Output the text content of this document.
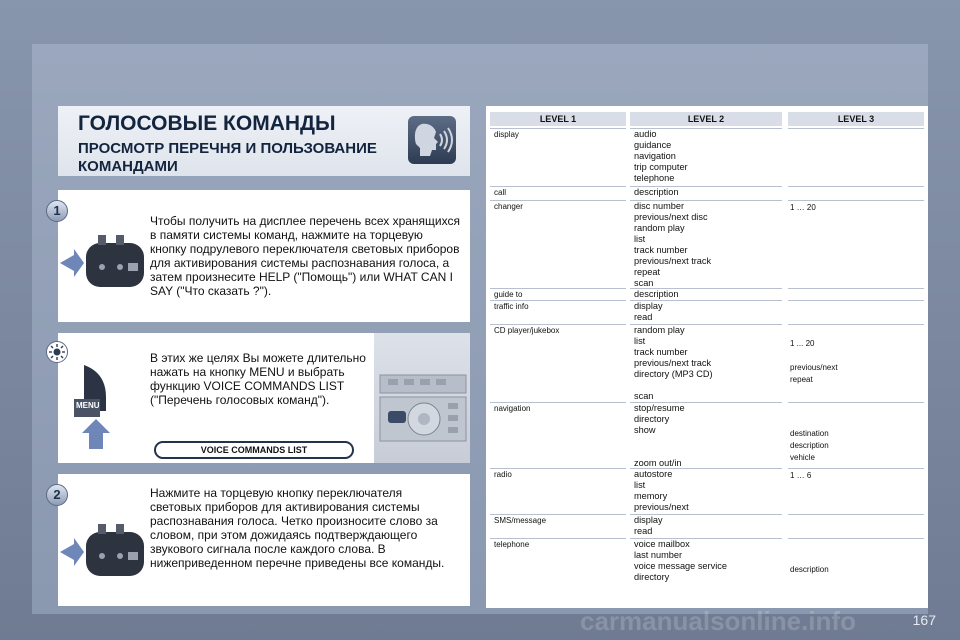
ГОЛОСОВЫЕ КОМАНДЫ
ПРОСМОТР ПЕРЕЧНЯ И ПОЛЬЗОВАНИЕ КОМАНДАМИ
1
Чтобы получить на дисплее перечень всех хранящихся в памяти системы команд, нажмите на торцевую кнопку подрулевого переключателя световых приборов для активирования системы распознавания голоса, а затем произнесите HELP ("Помощь") или WHAT CAN I SAY ("Что сказать ?").
MENU
В этих же целях Вы можете длительно нажать на кнопку MENU и выбрать функцию VOICE COMMANDS LIST ("Перечень голосовых команд").
VOICE COMMANDS LIST
2	Нажмите на торцевую кнопку переключателя световых приборов для активирования системы распознавания голоса. Четко произносите слово за словом, при этом дожидаясь подтверждающего звукового сигнала после каждого слова. В нижеприведенном перечне приведены все команды.
LEVEL 1
display
call
changer
guide to
traffic info
CD player/jukebox
navigation
radio
SMS/message
telephone
LEVEL 2
audio
guidance
navigation
trip computer
telephone
description
disc number
previous/next disc
random play
list
track number
previous/next track
repeat
scan
description
display
read
random play
list
track number
previous/next track
directory (MP3 CD)
scan
stop/resume
directory
show
zoom out/in
autostore
list
memory
previous/next
display
read
voice mailbox
last number
voice message service
directory
LEVEL 3
1 … 20
1 ... 20
previous/next
repeat
destination
description
vehicle
1 … 6
description
167
carmanualsonline.info
